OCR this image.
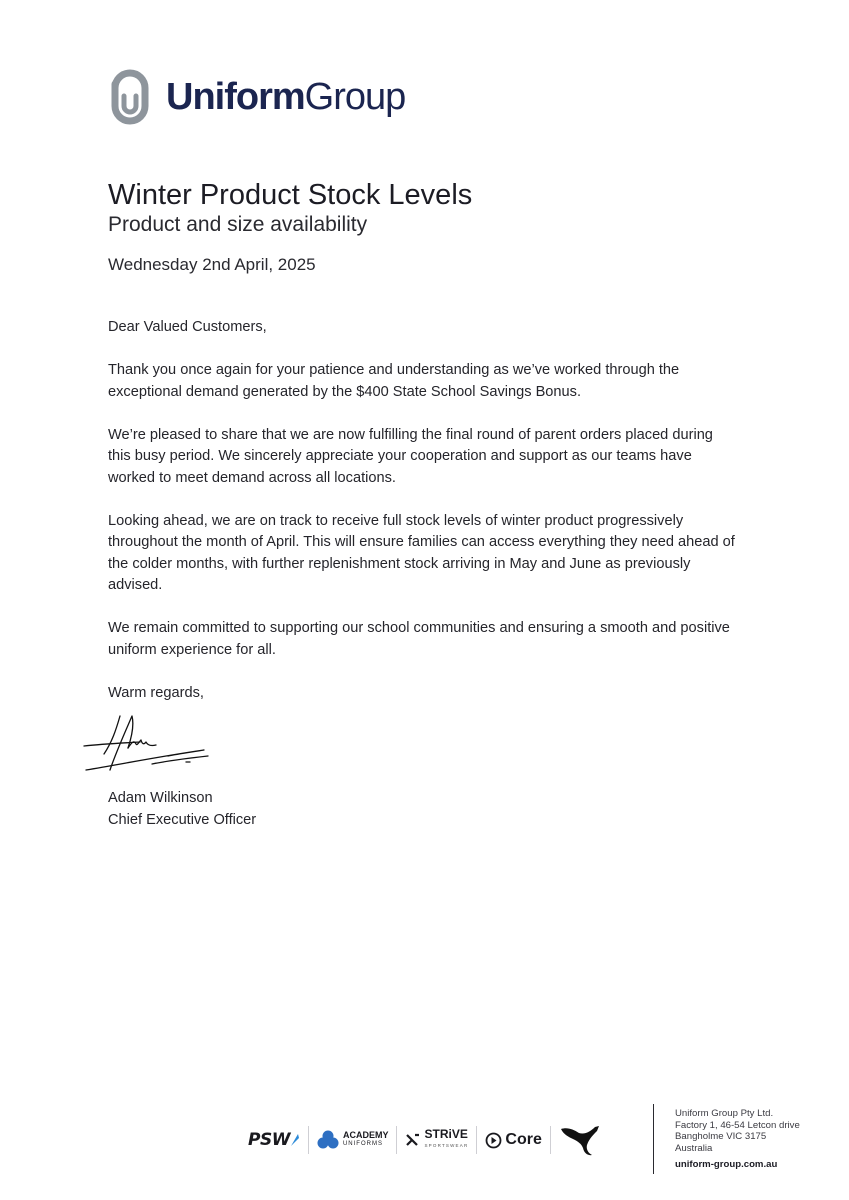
UniformGroup
Winter Product Stock Levels
Product and size availability
Wednesday 2nd April, 2025

Dear Valued Customers,

Thank you once again for your patience and understanding as we’ve worked through the exceptional demand generated by the $400 State School Savings Bonus.

We’re pleased to share that we are now fulfilling the final round of parent orders placed during this busy period. We sincerely appreciate your cooperation and support as our teams have worked to meet demand across all locations.

Looking ahead, we are on track to receive full stock levels of winter product progressively throughout the month of April. This will ensure families can access everything they need ahead of the colder months, with further replenishment stock arriving in May and June as previously advised.

We remain committed to supporting our school communities and ensuring a smooth and positive uniform experience for all.

Warm regards,

Adam Wilkinson
Chief Executive Officer
PSW	ACADEMY
UNIFORMS
STRiVE
SPORTSWEAR Core
Uniform Group Pty Ltd.
Factory 1, 46-54 Letcon drive
Bangholme VIC 3175
Australia
uniform-group.com.au
